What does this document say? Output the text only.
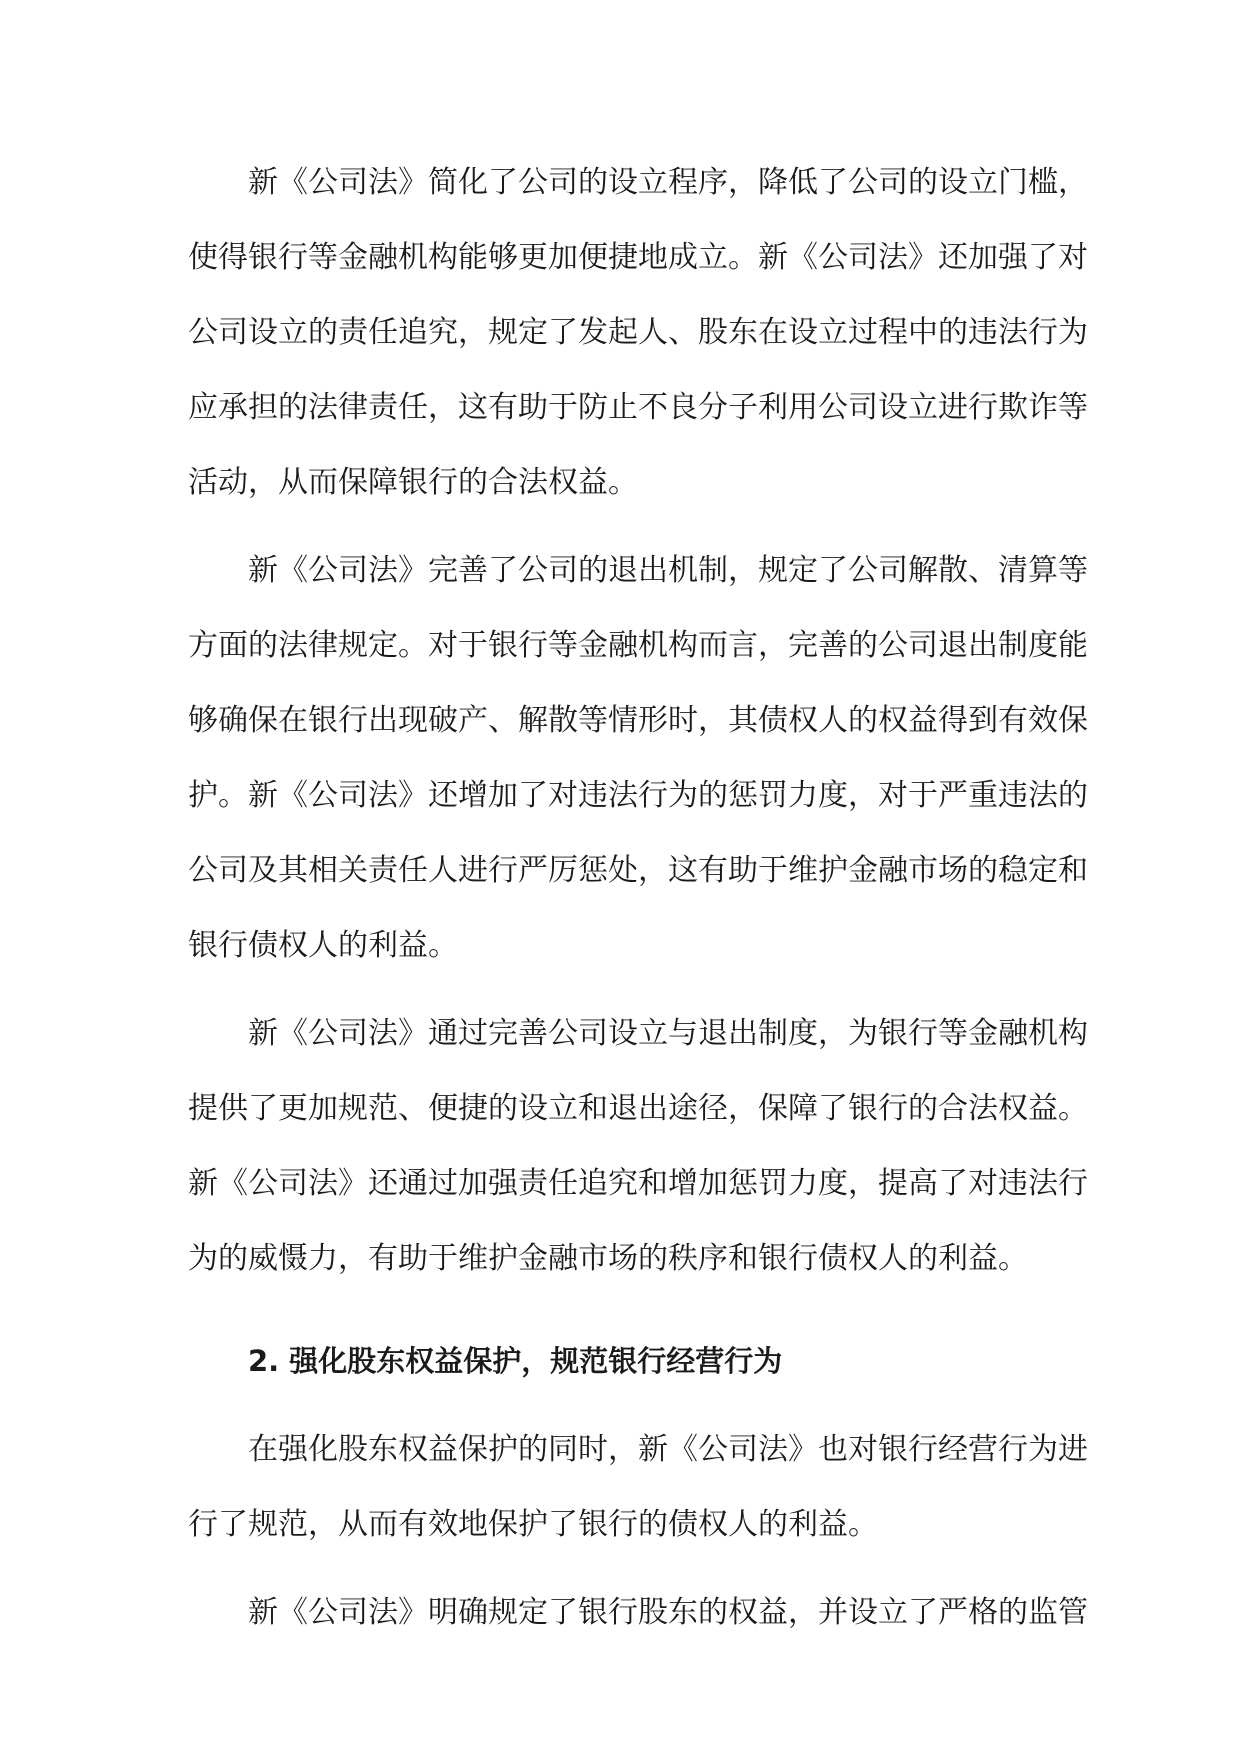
新《公司法》简化了公司的设立程序，降低了公司的设立门槛，
使得银行等金融机构能够更加便捷地成立。新《公司法》还加强了对
公司设立的责任追究，规定了发起人、股东在设立过程中的违法行为
应承担的法律责任，这有助于防止不良分子利用公司设立进行欺诈等
活动，从而保障银行的合法权益。
新《公司法》完善了公司的退出机制，规定了公司解散、清算等
方面的法律规定。对于银行等金融机构而言，完善的公司退出制度能
够确保在银行出现破产、解散等情形时，其债权人的权益得到有效保
护。新《公司法》还增加了对违法行为的惩罚力度，对于严重违法的
公司及其相关责任人进行严厉惩处，这有助于维护金融市场的稳定和
银行债权人的利益。
新《公司法》通过完善公司设立与退出制度，为银行等金融机构
提供了更加规范、便捷的设立和退出途径，保障了银行的合法权益。
新《公司法》还通过加强责任追究和增加惩罚力度，提高了对违法行
为的威慑力，有助于维护金融市场的秩序和银行债权人的利益。
2. 强化股东权益保护，规范银行经营行为
在强化股东权益保护的同时，新《公司法》也对银行经营行为进
行了规范，从而有效地保护了银行的债权人的利益。
新《公司法》明确规定了银行股东的权益，并设立了严格的监管
